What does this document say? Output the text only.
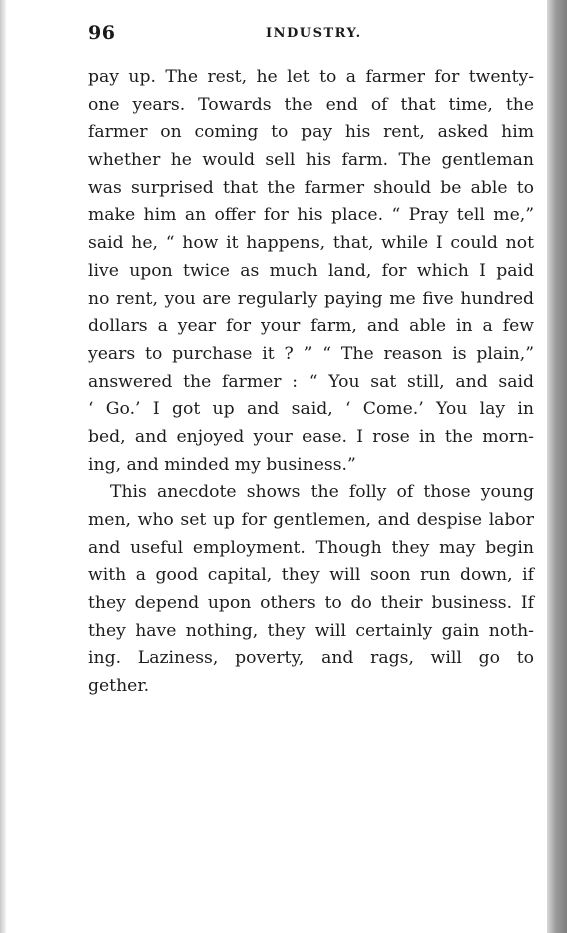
96	INDUSTRY.
pay up. The rest, he let to a farmer for twenty-
one years. Towards the end of that time, the
farmer on coming to pay his rent, asked him
whether he would sell his farm. The gentleman
was surprised that the farmer should be able to
make him an offer for his place. “ Pray tell me,”
said he, “ how it happens, that, while I could not
live upon twice as much land, for which I paid
no rent, you are regularly paying me five hundred
dollars a year for your farm, and able in a few
years to purchase it ? ” “ The reason is plain,”
answered the farmer : “ You sat still, and said
‘ Go.’ I got up and said, ‘ Come.’ You lay in
bed, and enjoyed your ease. I rose in the morn-
ing, and minded my business.”
This anecdote shows the folly of those young
men, who set up for gentlemen, and despise labor
and useful employment. Though they may begin
with a good capital, they will soon run down, if
they depend upon others to do their business. If
they have nothing, they will certainly gain noth-
ing. Laziness, poverty, and rags, will go to
gether.
